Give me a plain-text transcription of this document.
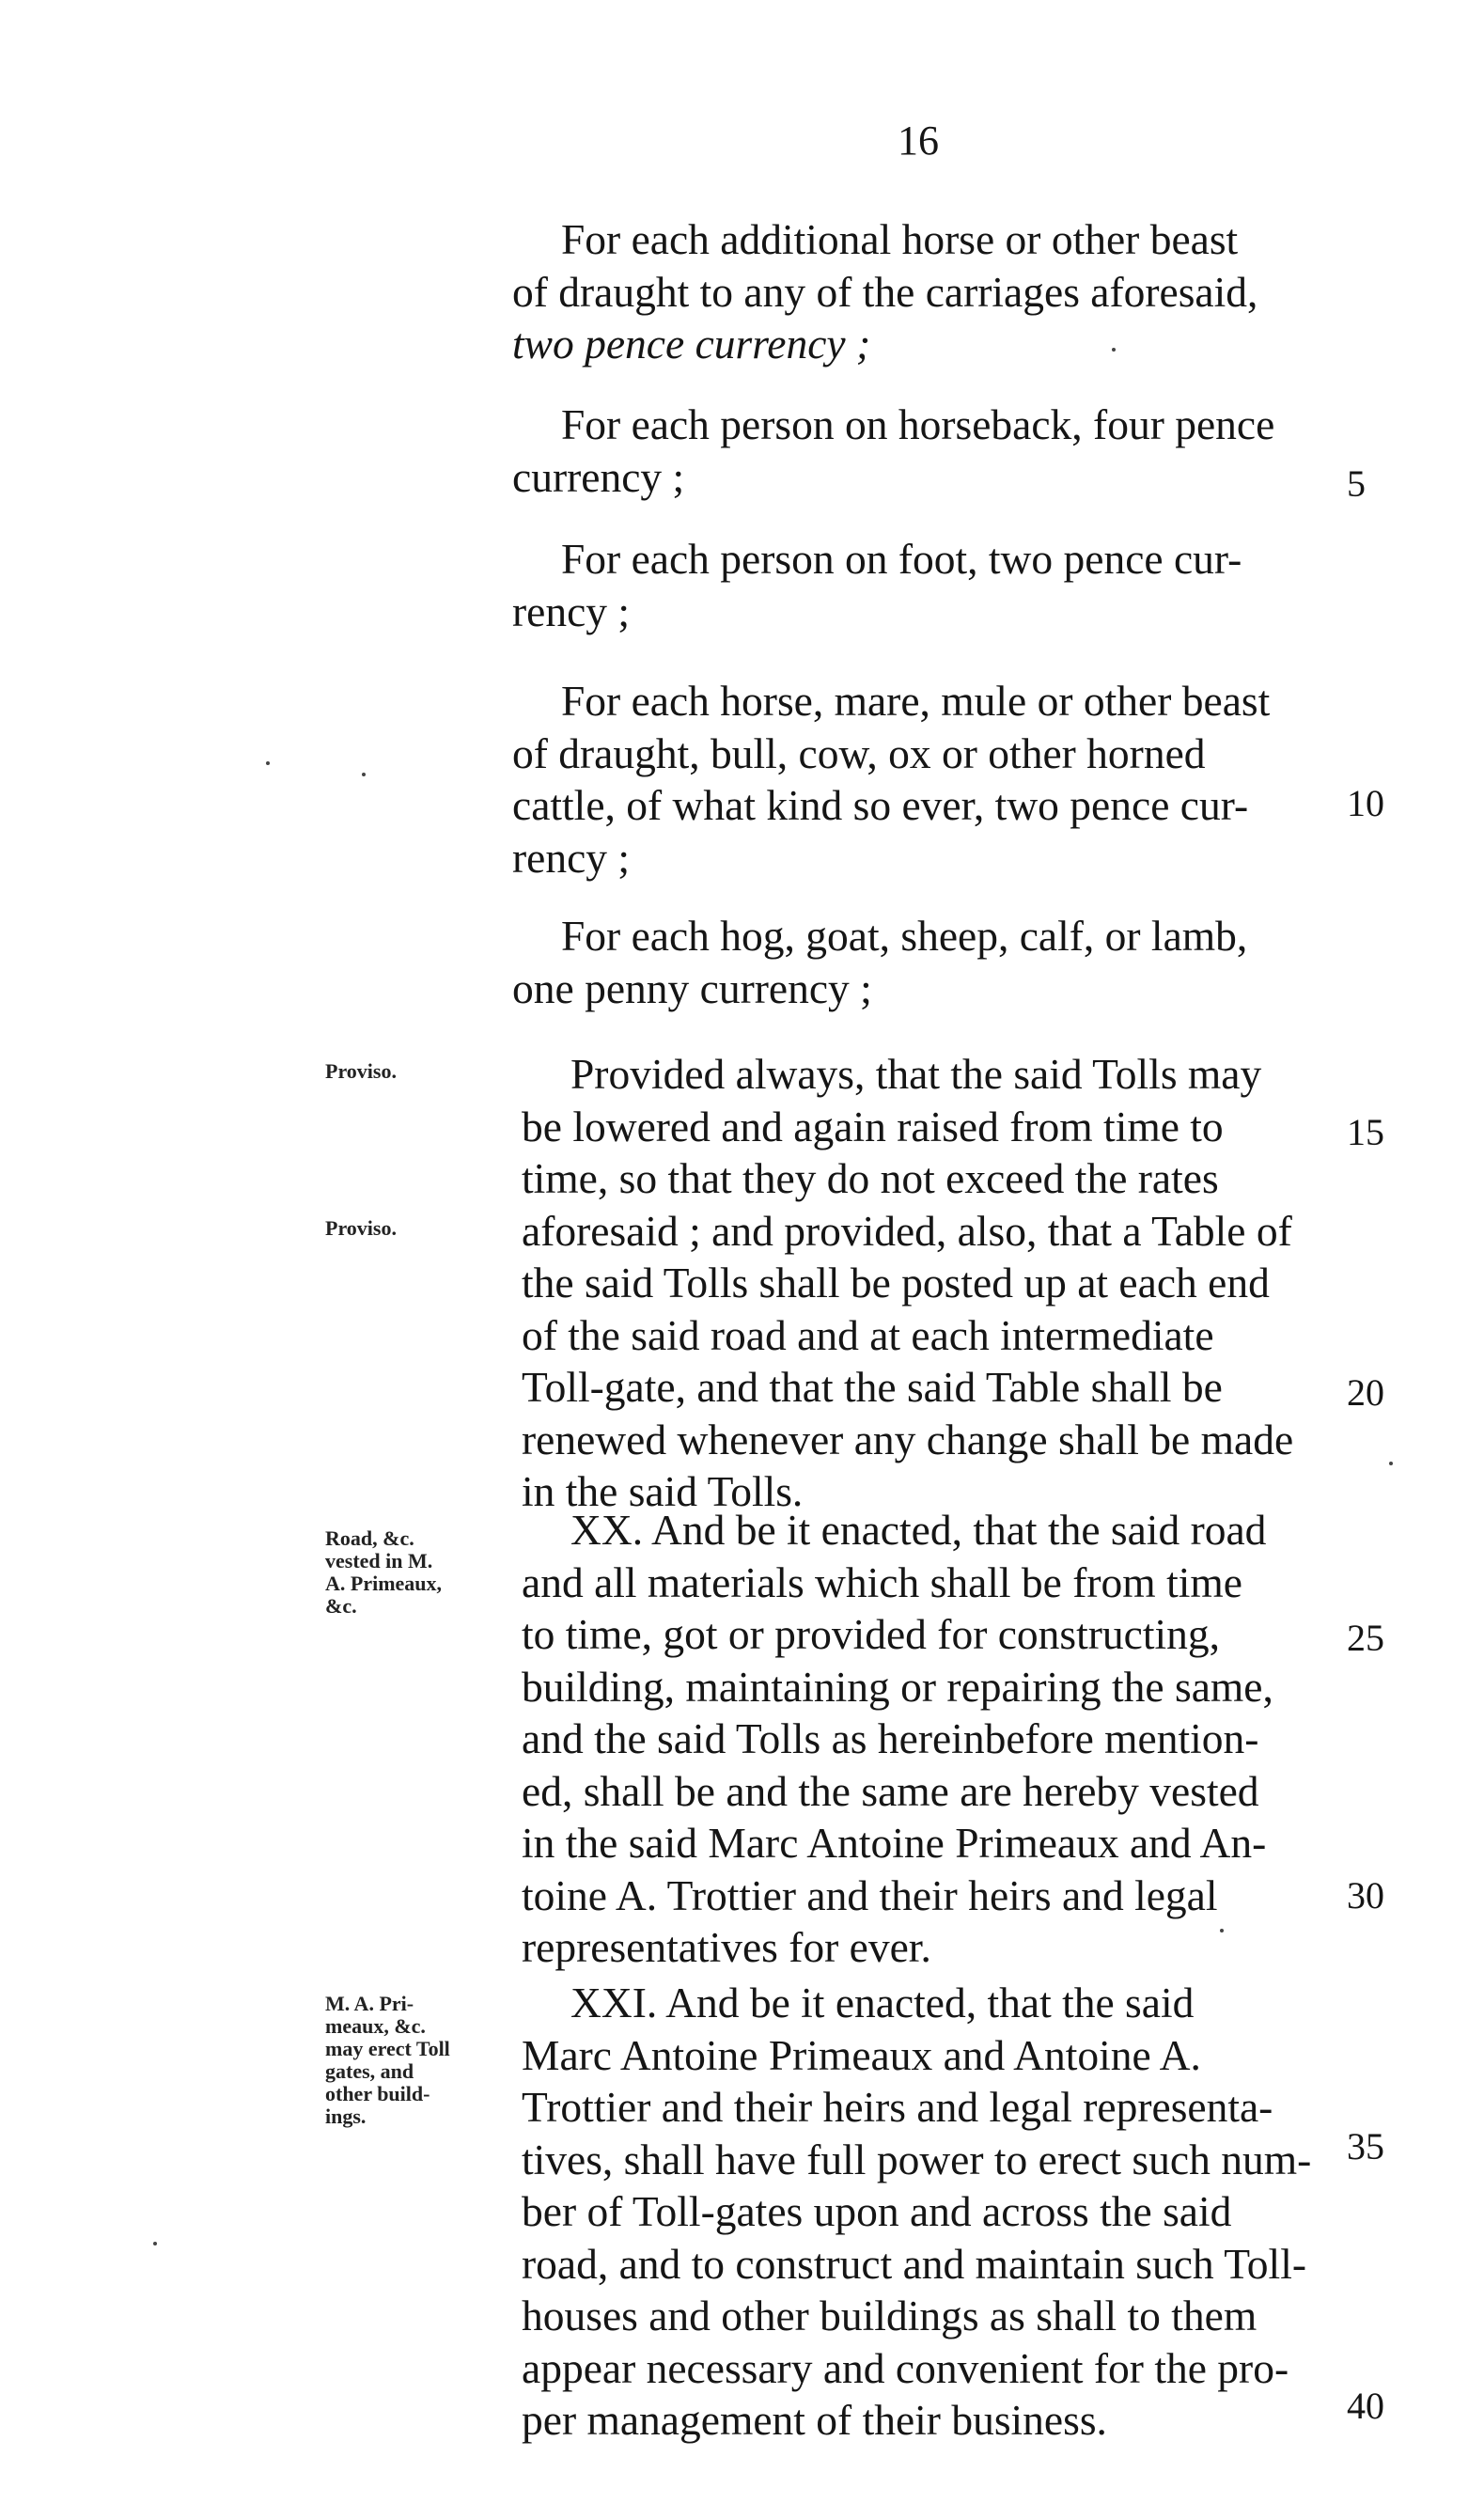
16
For each additional horse or other beast
of draught to any of the carriages aforesaid,
two pence currency ;
For each person on horseback, four pence
currency ;
For each person on foot, two pence cur-
rency ;
For each horse, mare, mule or other beast
of draught, bull, cow, ox or other horned
cattle, of what kind so ever, two pence cur-
rency ;
For each hog, goat, sheep, calf, or lamb,
one penny currency ;
Provided always, that the said Tolls may
be lowered and again raised from time to
time, so that they do not exceed the rates
aforesaid ; and provided, also, that a Table of
the said Tolls shall be posted up at each end
of the said road and at each intermediate
Toll-gate, and that the said Table shall be
renewed whenever any change shall be made
in the said Tolls.
XX. And be it enacted, that the said road
and all materials which shall be from time
to time, got or provided for constructing,
building, maintaining or repairing the same,
and the said Tolls as hereinbefore mention-
ed, shall be and the same are hereby vested
in the said Marc Antoine Primeaux and An-
toine A. Trottier and their heirs and legal
representatives for ever.
XXI. And be it enacted, that the said
Marc Antoine Primeaux and Antoine A.
Trottier and their heirs and legal representa-
tives, shall have full power to erect such num-
ber of Toll-gates upon and across the said
road, and to construct and maintain such Toll-
houses and other buildings as shall to them
appear necessary and convenient for the pro-
per management of their business.
Proviso.
Proviso.
Road, &c.
vested in M.
A. Primeaux,
&c.
M. A. Pri-
meaux, &c.
may erect Toll
gates, and
other build-
ings.
5
10
15
20
25
30
35
40
